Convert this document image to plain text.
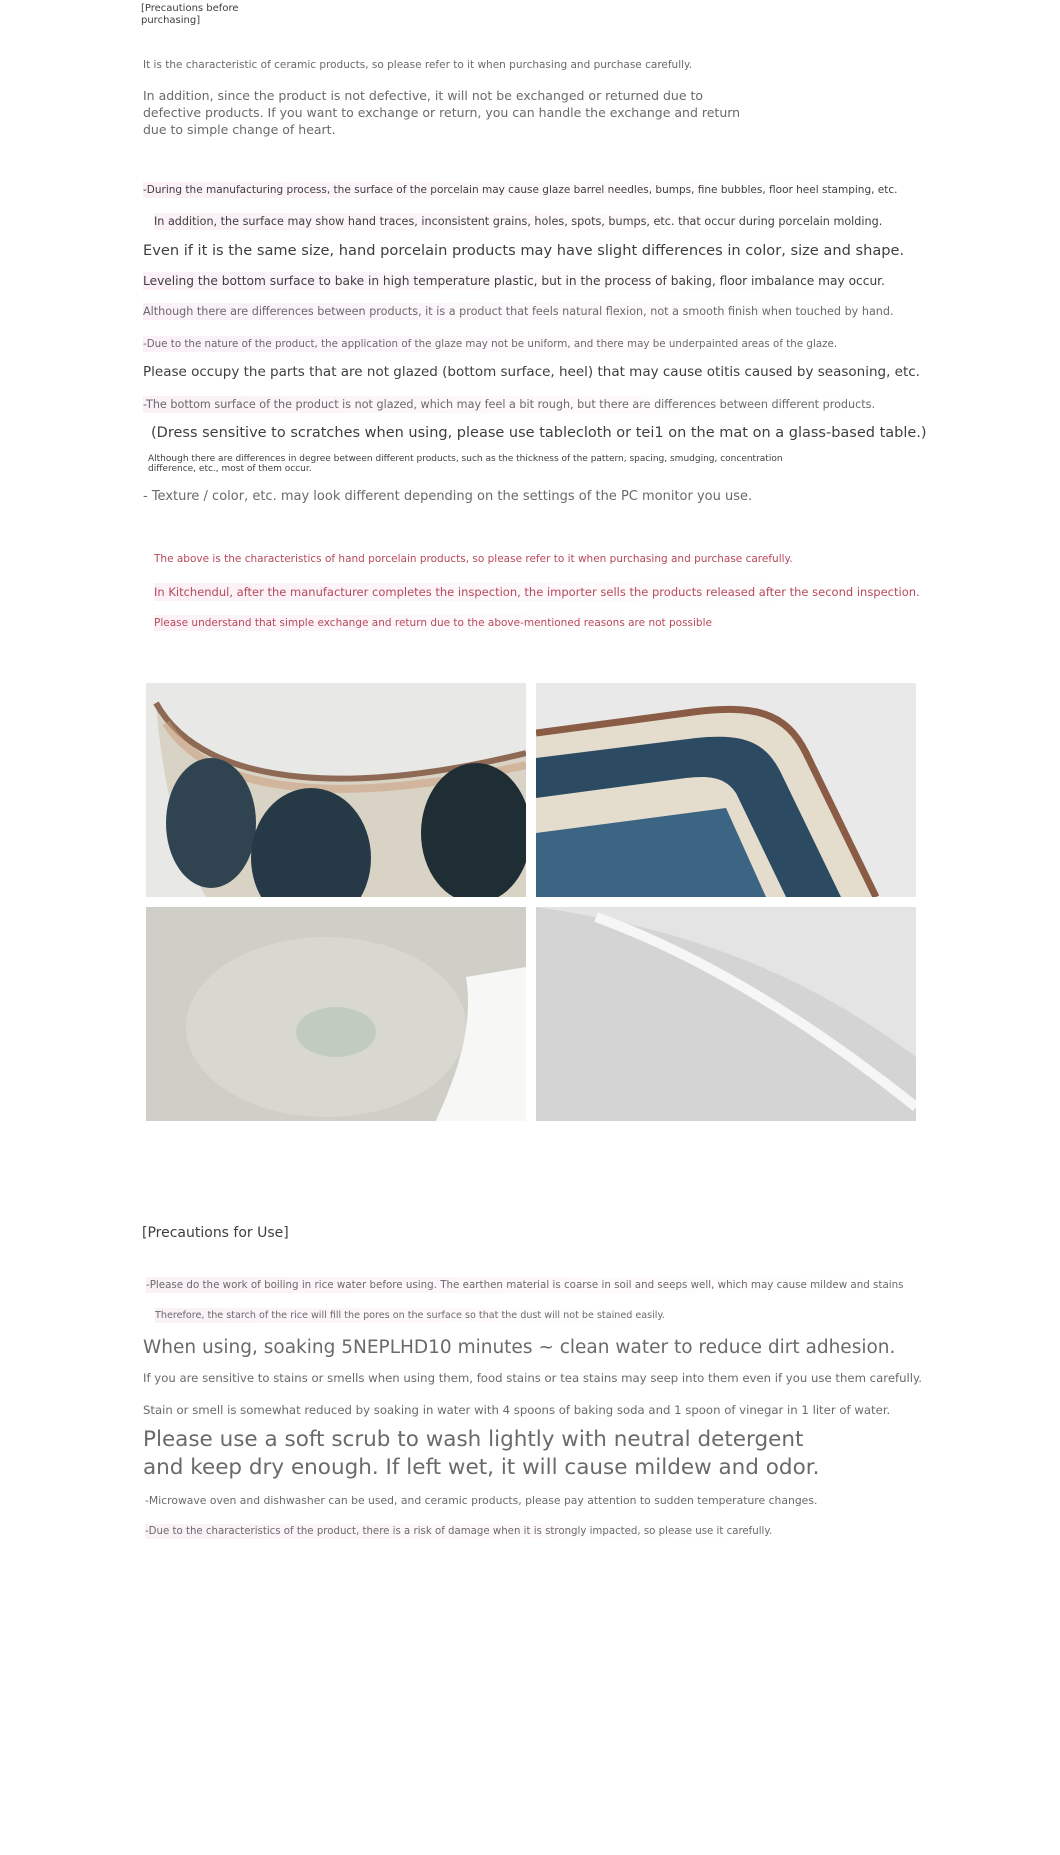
[Precautions before purchasing]

It is the characteristic of ceramic products, so please refer to it when purchasing and purchase carefully.

In addition, since the product is not defective, it will not be exchanged or returned due to defective products. If you want to exchange or return, you can handle the exchange and return due to simple change of heart.

-During the manufacturing process, the surface of the porcelain may cause glaze barrel needles, bumps, fine bubbles, floor heel stamping, etc.

In addition, the surface may show hand traces, inconsistent grains, holes, spots, bumps, etc. that occur during porcelain molding.

Even if it is the same size, hand porcelain products may have slight differences in color, size and shape.

Leveling the bottom surface to bake in high temperature plastic, but in the process of baking, floor imbalance may occur.

Although there are differences between products, it is a product that feels natural flexion, not a smooth finish when touched by hand.

-Due to the nature of the product, the application of the glaze may not be uniform, and there may be underpainted areas of the glaze.

Please occupy the parts that are not glazed (bottom surface, heel) that may cause otitis caused by seasoning, etc.

-The bottom surface of the product is not glazed, which may feel a bit rough, but there are differences between different products.

(Dress sensitive to scratches when using, please use tablecloth or tei1 on the mat on a glass-based table.)

Although there are differences in degree between different products, such as the thickness of the pattern, spacing, smudging, concentration

difference, etc., most of them occur.

- Texture / color, etc. may look different depending on the settings of the PC monitor you use.

The above is the characteristics of hand porcelain products, so please refer to it when purchasing and purchase carefully.

In Kitchendul, after the manufacturer completes the inspection, the importer sells the products released after the second inspection.

Please understand that simple exchange and return due to the above-mentioned reasons are not possible

[Precautions for Use]

-Please do the work of boiling in rice water before using. The earthen material is coarse in soil and seeps well, which may cause mildew and stains

Therefore, the starch of the rice will fill the pores on the surface so that the dust will not be stained easily.

When using, soaking 5NEPLHD10 minutes ~ clean water to reduce dirt adhesion.

If you are sensitive to stains or smells when using them, food stains or tea stains may seep into them even if you use them carefully.

Stain or smell is somewhat reduced by soaking in water with 4 spoons of baking soda and 1 spoon of vinegar in 1 liter of water.

Please use a soft scrub to wash lightly with neutral detergent

and keep dry enough. If left wet, it will cause mildew and odor.

-Microwave oven and dishwasher can be used, and ceramic products, please pay attention to sudden temperature changes.

-Due to the characteristics of the product, there is a risk of damage when it is strongly impacted, so please use it carefully.
